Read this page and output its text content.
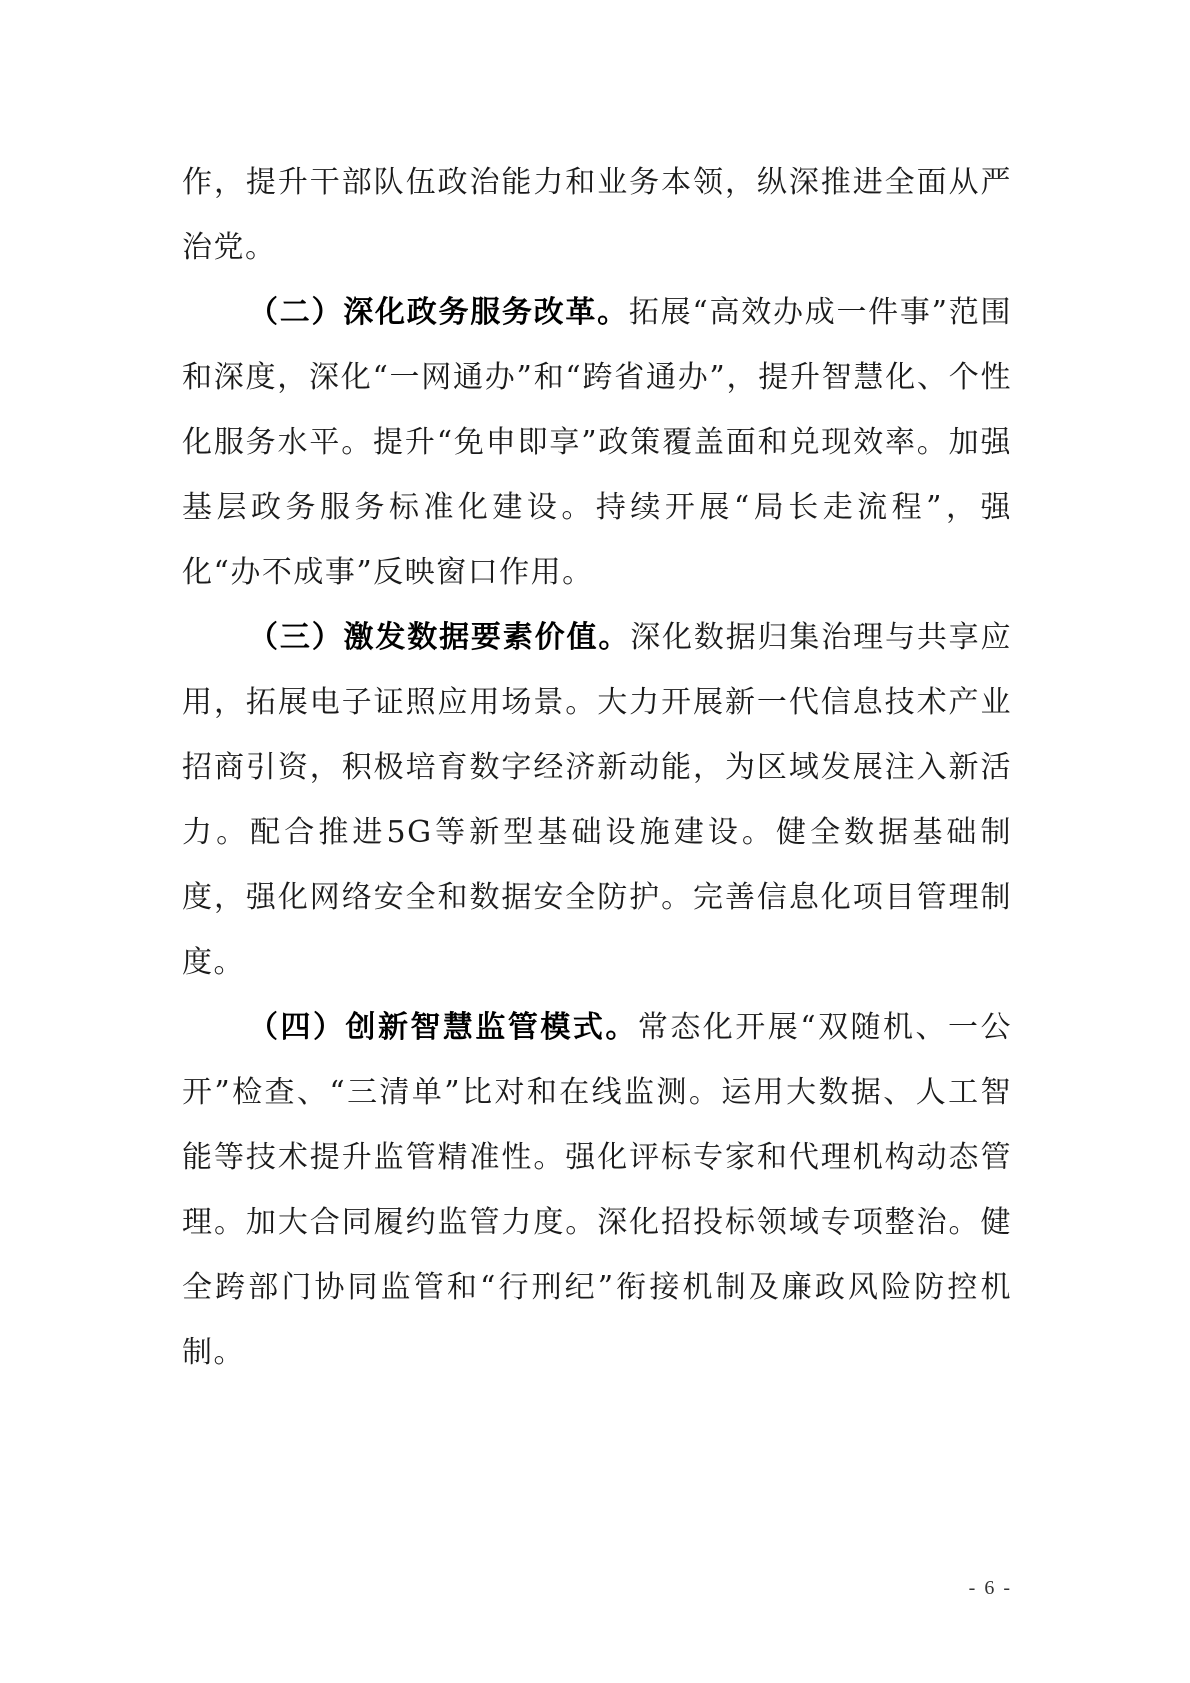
作，提升干部队伍政治能力和业务本领，纵深推进全面从严治党。

（二）深化政务服务改革。拓展“高效办成一件事”范围和深度，深化“一网通办”和“跨省通办”，提升智慧化、个性化服务水平。提升“免申即享”政策覆盖面和兑现效率。加强基层政务服务标准化建设。持续开展“局长走流程”，强化“办不成事”反映窗口作用。

（三）激发数据要素价值。深化数据归集治理与共享应用，拓展电子证照应用场景。大力开展新一代信息技术产业招商引资，积极培育数字经济新动能，为区域发展注入新活力。配合推进5G等新型基础设施建设。健全数据基础制度，强化网络安全和数据安全防护。完善信息化项目管理制度。

（四）创新智慧监管模式。常态化开展“双随机、一公开”检查、“三清单”比对和在线监测。运用大数据、人工智能等技术提升监管精准性。强化评标专家和代理机构动态管理。加大合同履约监管力度。深化招投标领域专项整治。健全跨部门协同监管和“行刑纪”衔接机制及廉政风险防控机制。

- 6 -
